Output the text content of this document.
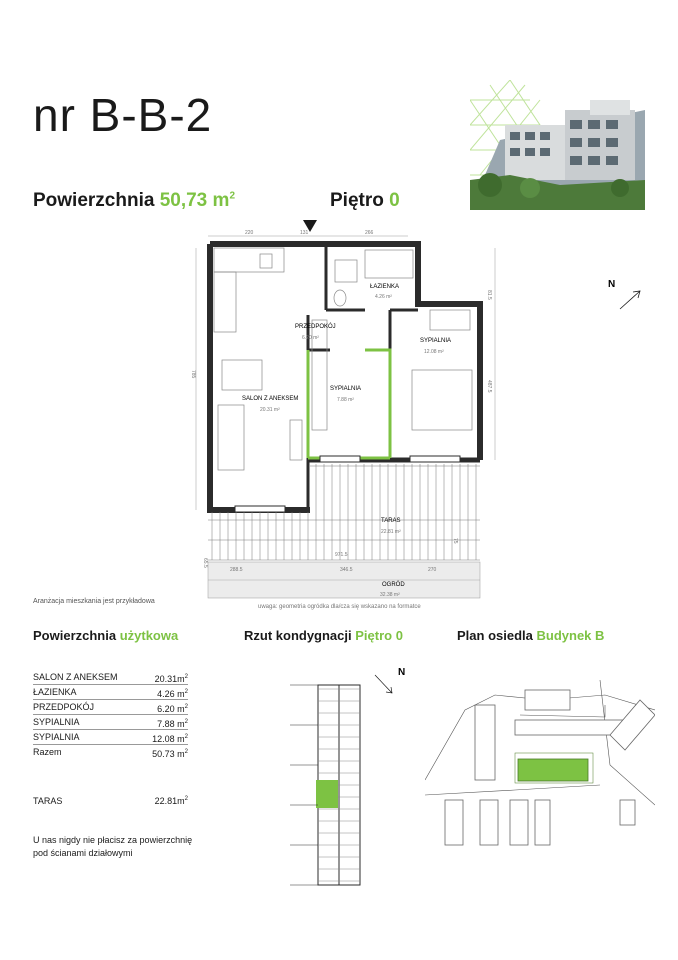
nr B-B-2
Powierzchnia 50,73 $m^2$	Piętro 0
220	131	266
81.5
487.5
785
288.5	346.5	270
971.5
65.5
75
ŁAZIENKA
4.26 m²
PRZEDPOKÓJ
6.20 m²	SYPIALNIA
12.08 m²
SYPIALNIA
7.88 m²
SALON Z ANEKSEM
20.31 m²
TARAS
22.81 m²
OGRÓD
32.38 m²
N
Aranżacja mieszkania jest przykładowa
uwaga: geometria ogródka dla/cza się wskazano na formatce
Powierzchnia użytkowa	Rzut kondygnacji Piętro 0	Plan osiedla Budynek B
SALON Z ANEKSEM	$20.31m^2$
ŁAZIENKA	4.26 $m^2$
PRZEDPOKÓJ	6.20 $m^2$
SYPIALNIA	7.88 $m^2$
SYPIALNIA	12.08 $m^2$
Razem	50.73 $m^2$
TARAS	$22.81m^2$
U nas nigdy nie płacisz za powierzchnię pod ścianami działowymi
N
